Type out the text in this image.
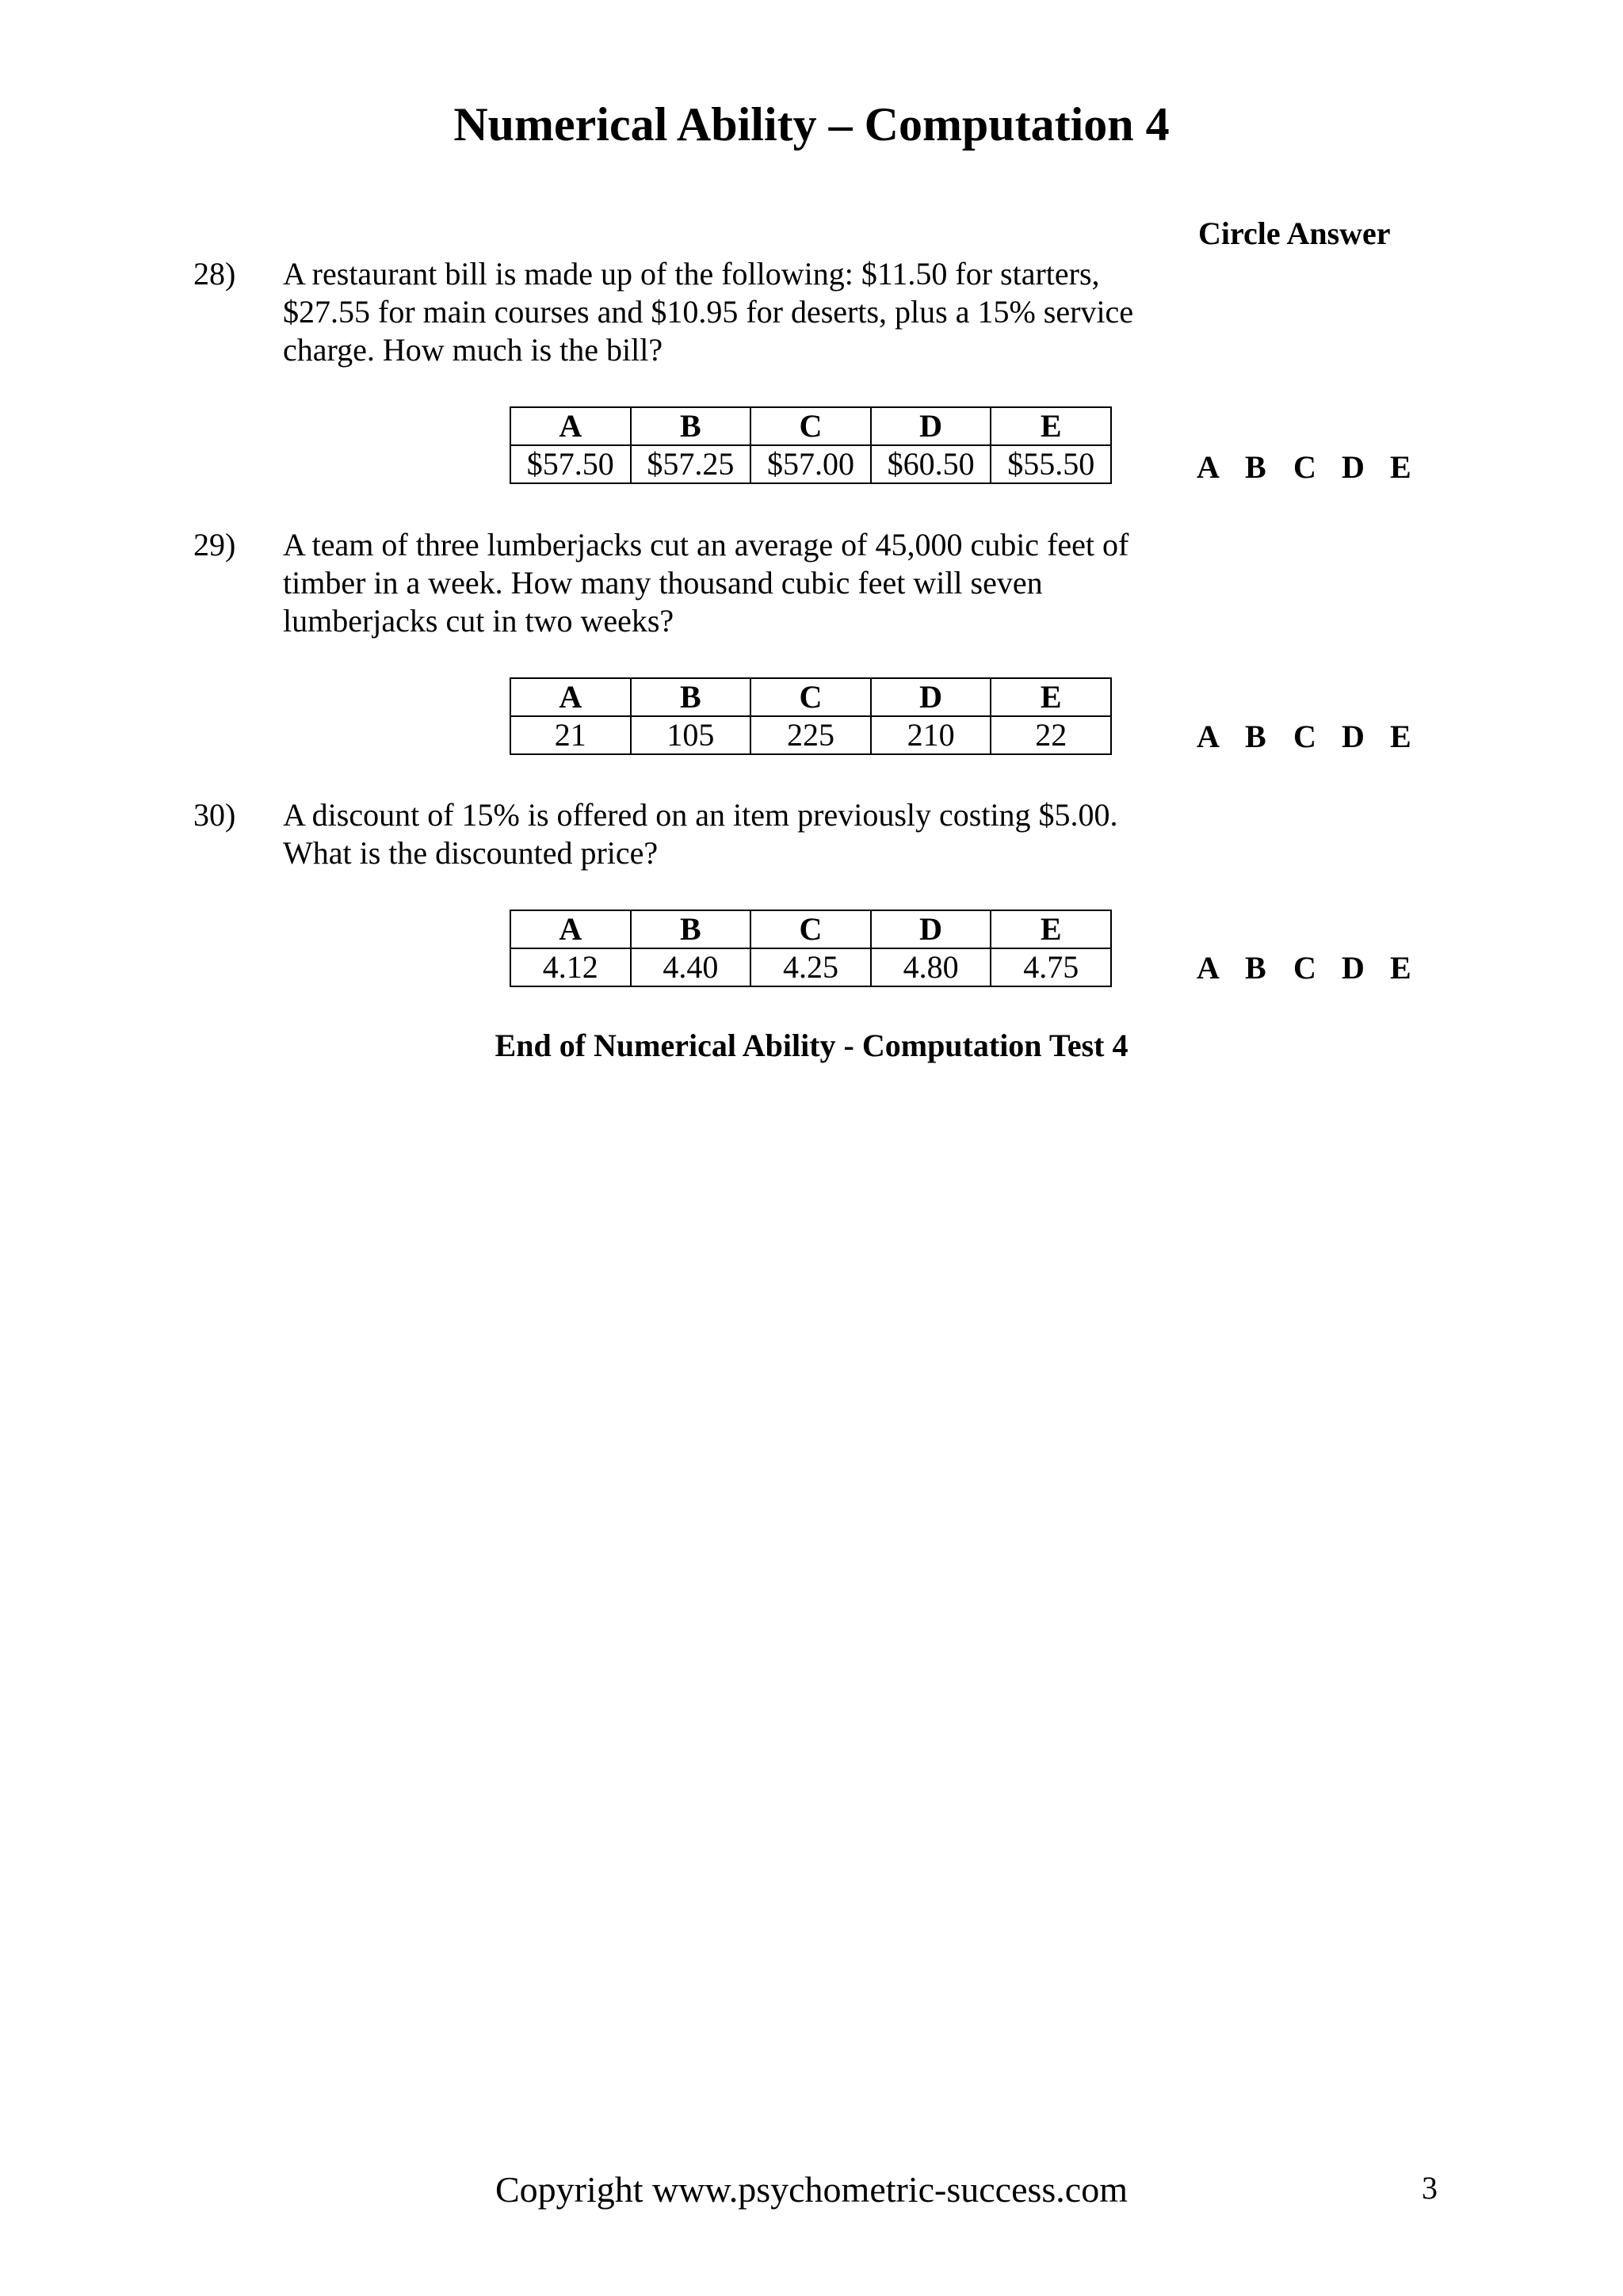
Numerical Ability – Computation 4
Circle Answer
28) A restaurant bill is made up of the following: $11.50 for starters,
$27.55 for main courses and $10.95 for deserts, plus a 15% service
charge. How much is the bill?
A	B	C	D	E
$57.50	$57.25	$57.00	$60.50	$55.50	A B C D E
29) A team of three lumberjacks cut an average of 45,000 cubic feet of
timber in a week. How many thousand cubic feet will seven
lumberjacks cut in two weeks?
A	B	C	D	E
21	105	225	210	22	A B C D E
30) A discount of 15% is offered on an item previously costing $5.00.
What is the discounted price?
A	B	C	D	E
4.12	4.40	4.25	4.80	4.75	A B C D E
End of Numerical Ability - Computation Test 4
Copyright www.psychometric-success.com	3
